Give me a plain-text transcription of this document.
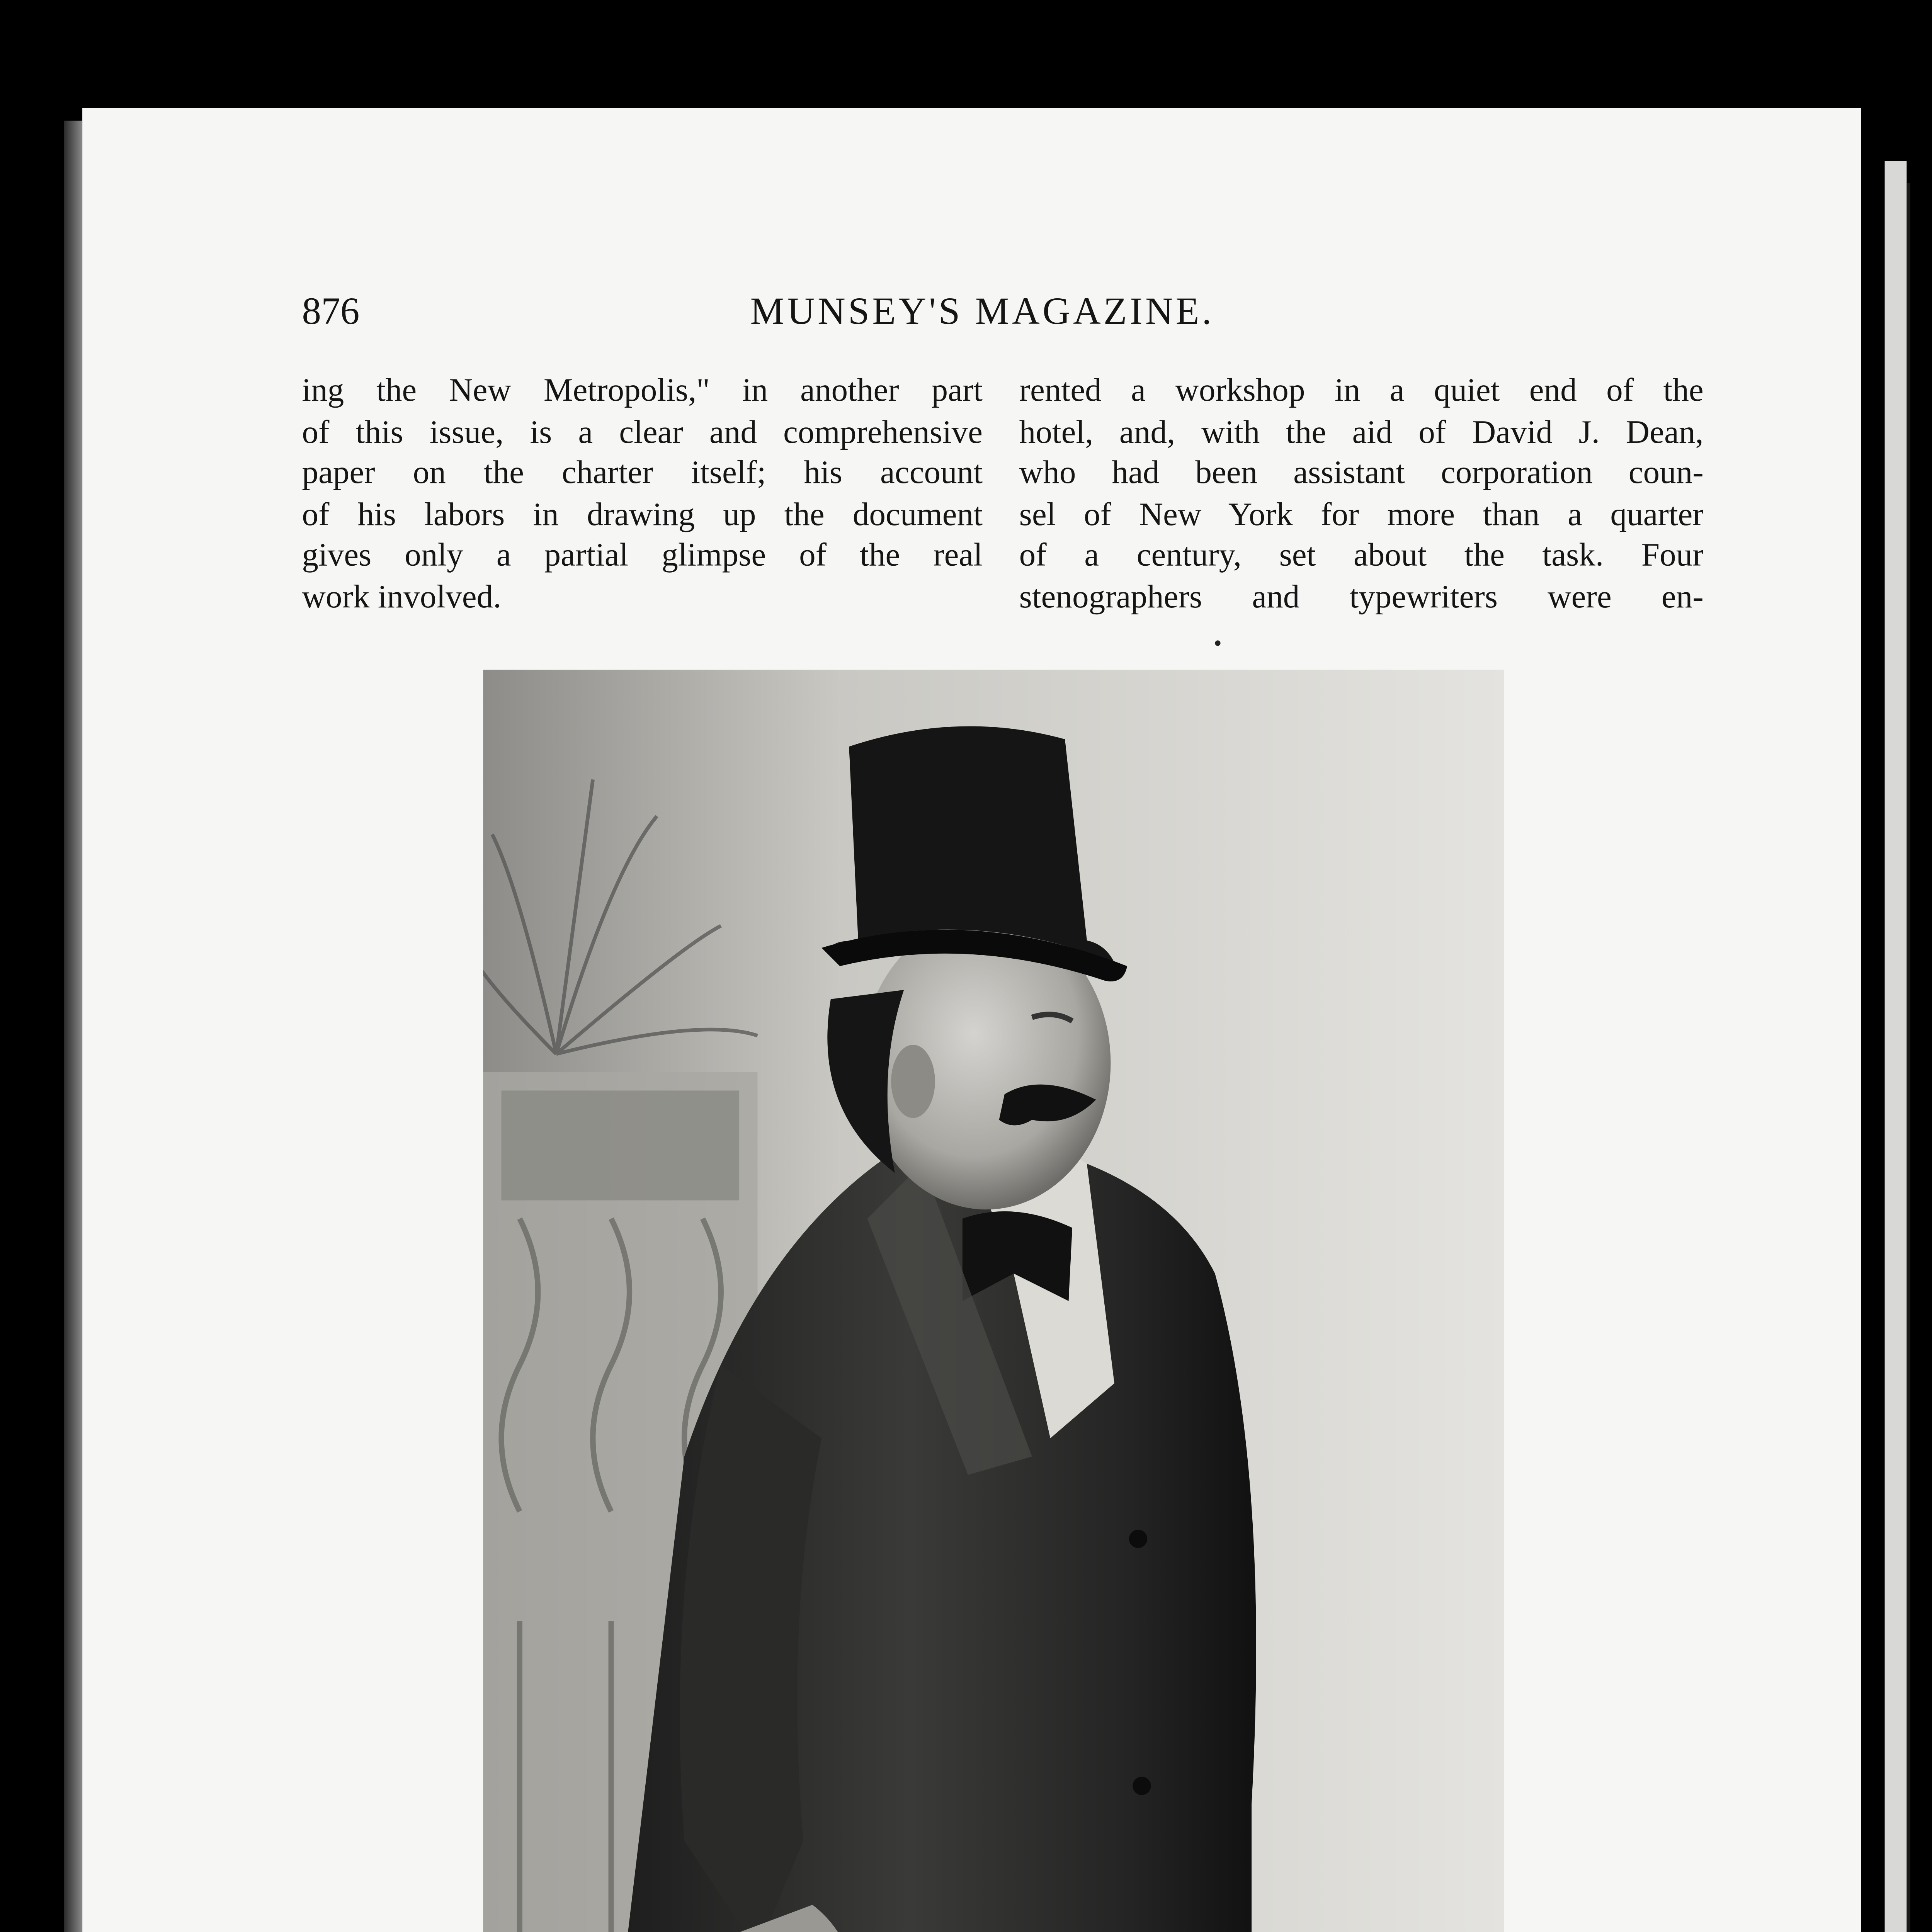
876	MUNSEY'S MAGAZINE.
ing the New Metropolis," in another part
of this issue, is a clear and comprehensive
paper on the charter itself; his account
of his labors in drawing up the document
gives only a partial glimpse of the real
work involved.
rented a workshop in a quiet end of the
hotel, and, with the aid of David J. Dean,
who had been assistant corporation coun-
sel of New York for more than a quarter
of a century, set about the task. Four
stenographers and typewriters were en-
